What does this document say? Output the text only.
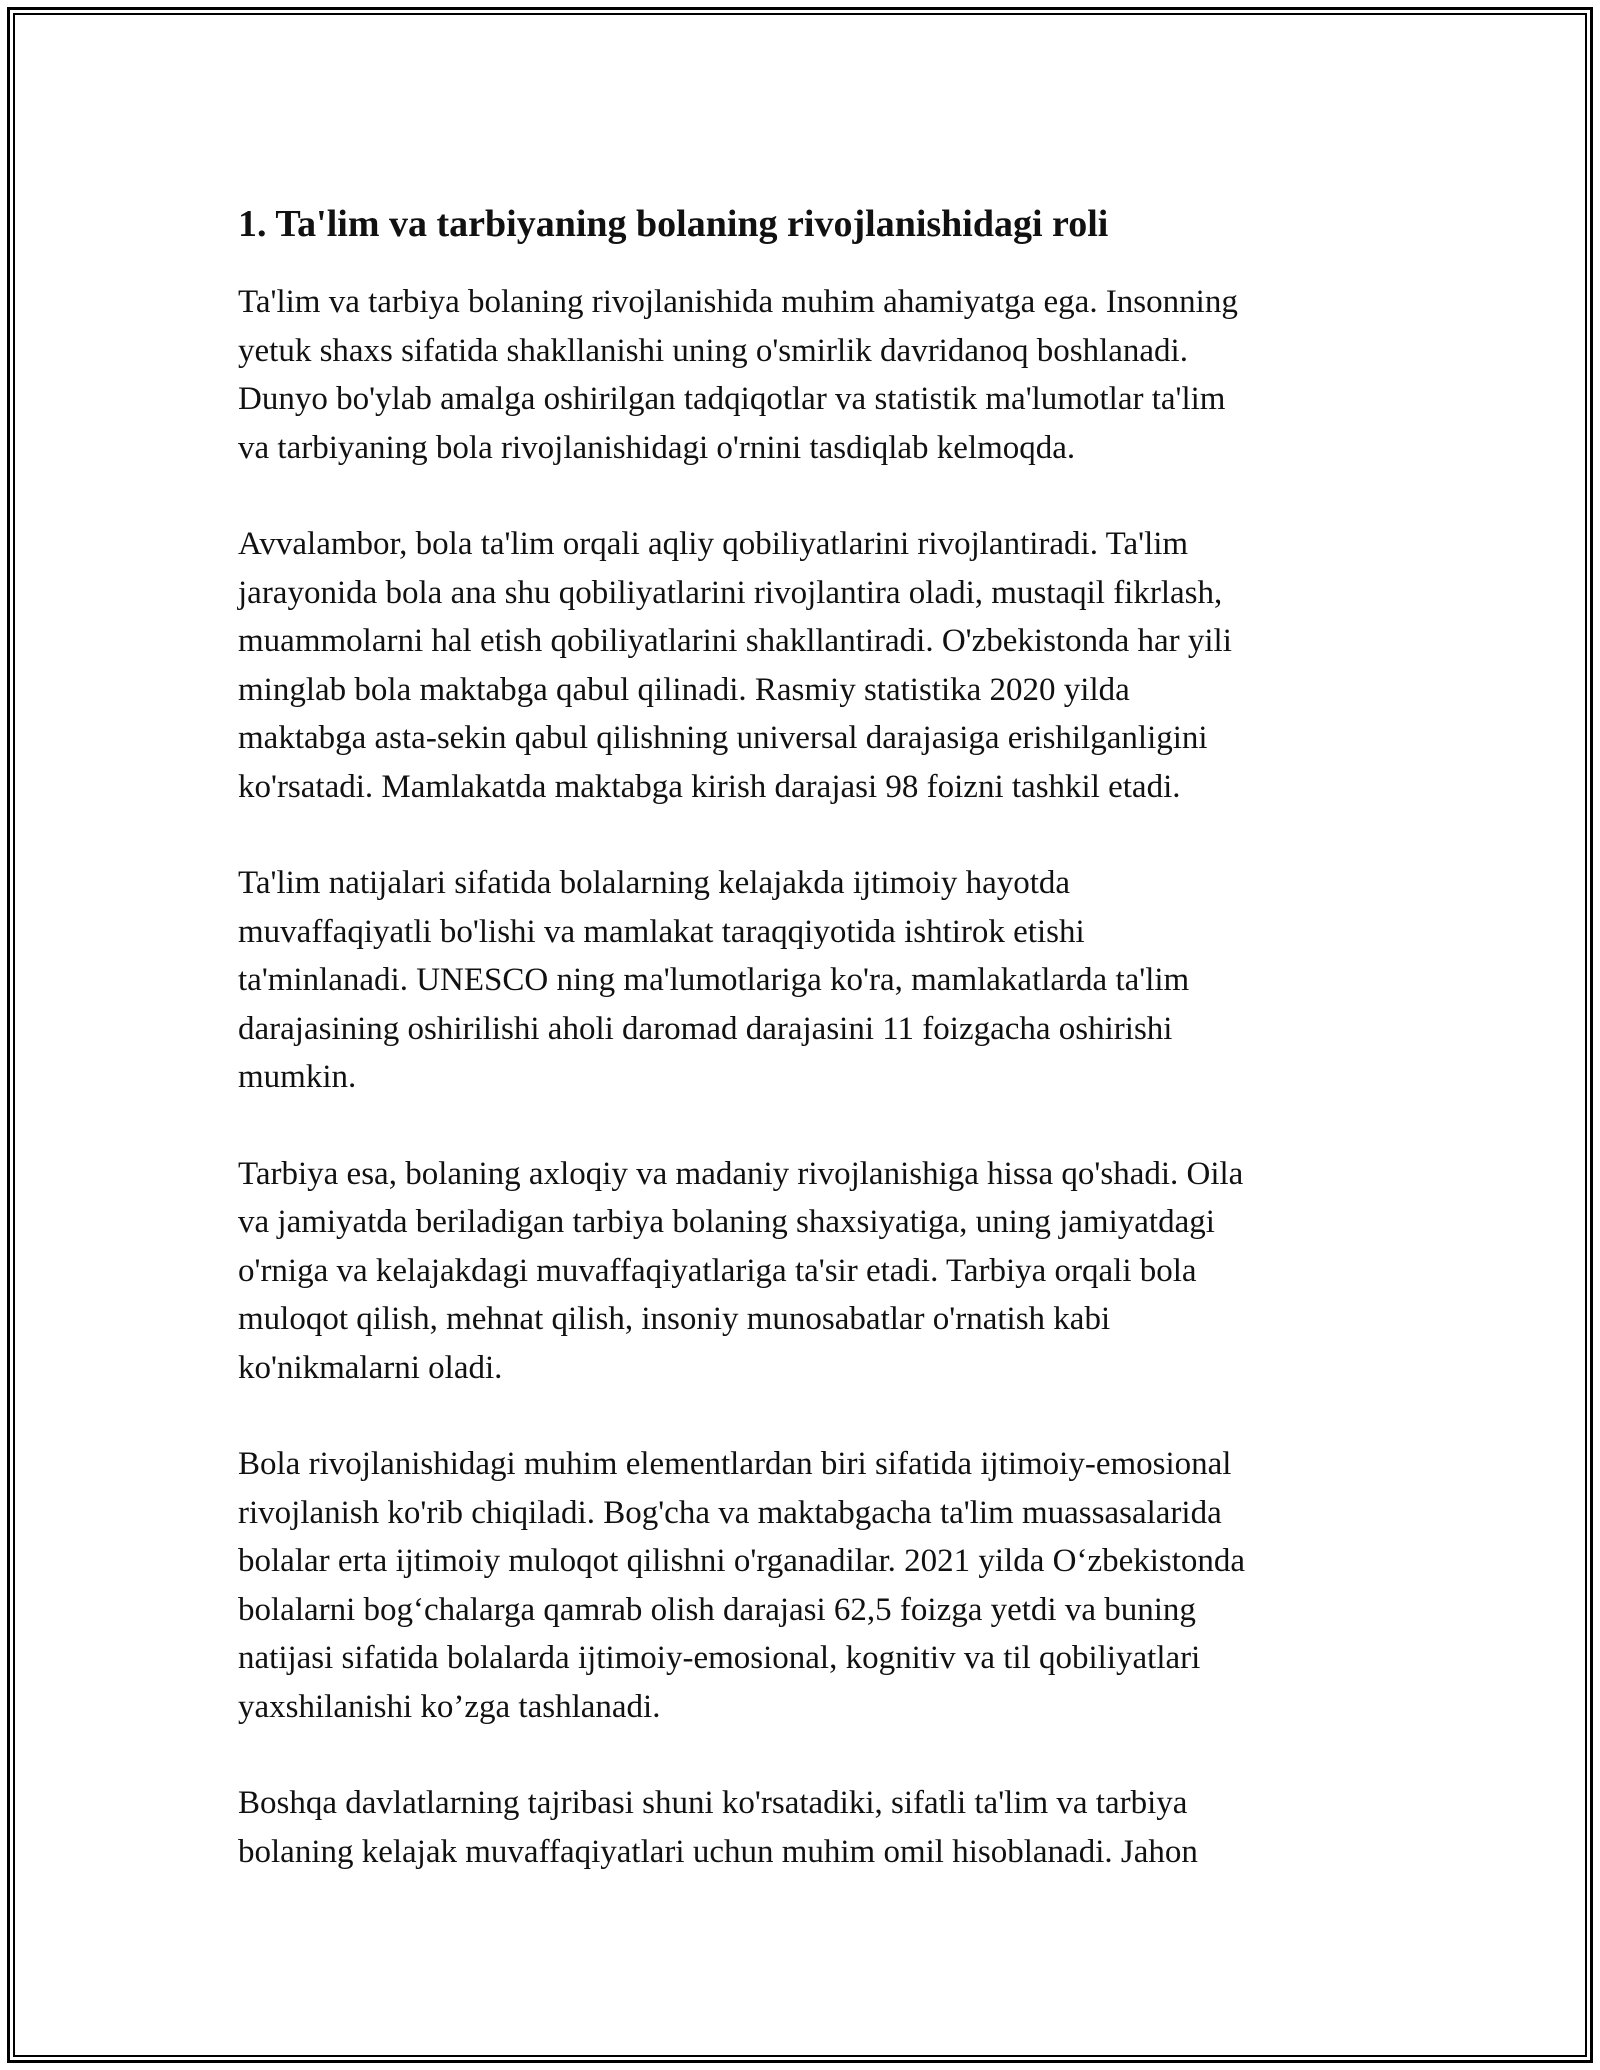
1. Ta'lim va tarbiyaning bolaning rivojlanishidagi roli

Ta'lim va tarbiya bolaning rivojlanishida muhim ahamiyatga ega. Insonning
yetuk shaxs sifatida shakllanishi uning o'smirlik davridanoq boshlanadi.
Dunyo bo'ylab amalga oshirilgan tadqiqotlar va statistik ma'lumotlar ta'lim
va tarbiyaning bola rivojlanishidagi o'rnini tasdiqlab kelmoqda.

Avvalambor, bola ta'lim orqali aqliy qobiliyatlarini rivojlantiradi. Ta'lim
jarayonida bola ana shu qobiliyatlarini rivojlantira oladi, mustaqil fikrlash,
muammolarni hal etish qobiliyatlarini shakllantiradi. O'zbekistonda har yili
minglab bola maktabga qabul qilinadi. Rasmiy statistika 2020 yilda
maktabga asta-sekin qabul qilishning universal darajasiga erishilganligini
ko'rsatadi. Mamlakatda maktabga kirish darajasi 98 foizni tashkil etadi.

Ta'lim natijalari sifatida bolalarning kelajakda ijtimoiy hayotda
muvaffaqiyatli bo'lishi va mamlakat taraqqiyotida ishtirok etishi
ta'minlanadi. UNESCO ning ma'lumotlariga ko'ra, mamlakatlarda ta'lim
darajasining oshirilishi aholi daromad darajasini 11 foizgacha oshirishi
mumkin.

Tarbiya esa, bolaning axloqiy va madaniy rivojlanishiga hissa qo'shadi. Oila
va jamiyatda beriladigan tarbiya bolaning shaxsiyatiga, uning jamiyatdagi
o'rniga va kelajakdagi muvaffaqiyatlariga ta'sir etadi. Tarbiya orqali bola
muloqot qilish, mehnat qilish, insoniy munosabatlar o'rnatish kabi
ko'nikmalarni oladi.

Bola rivojlanishidagi muhim elementlardan biri sifatida ijtimoiy-emosional
rivojlanish ko'rib chiqiladi. Bog'cha va maktabgacha ta'lim muassasalarida
bolalar erta ijtimoiy muloqot qilishni o'rganadilar. 2021 yilda O‘zbekistonda
bolalarni bog‘chalarga qamrab olish darajasi 62,5 foizga yetdi va buning
natijasi sifatida bolalarda ijtimoiy-emosional, kognitiv va til qobiliyatlari
yaxshilanishi ko’zga tashlanadi.

Boshqa davlatlarning tajribasi shuni ko'rsatadiki, sifatli ta'lim va tarbiya
bolaning kelajak muvaffaqiyatlari uchun muhim omil hisoblanadi. Jahon
